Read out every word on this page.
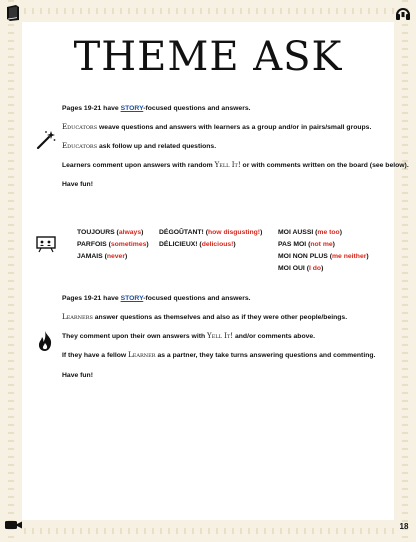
THEME ASK
Pages 19-21 have STORY-focused questions and answers.
Educators weave questions and answers with learners as a group and/or in pairs/small groups.
Educators ask follow up and related questions.
Learners comment upon answers with random Yell It! or with comments written on the board (see below).
Have fun!
TOUJOURS (always)
PARFOIS (sometimes)
JAMAIS (never)
DÉGOÛTANT! (how disgusting!)
DÉLICIEUX! (delicious!)
MOI AUSSI (me too)
PAS MOI (not me)
MOI NON PLUS (me neither)
MOI OUI (I do)
Pages 19-21 have STORY-focused questions and answers.
Learners answer questions as themselves and also as if they were other people/beings.
They comment upon their own answers with Yell It! and/or comments above.
If they have a fellow Learner as a partner, they take turns answering questions and commenting.
Have fun!
18
